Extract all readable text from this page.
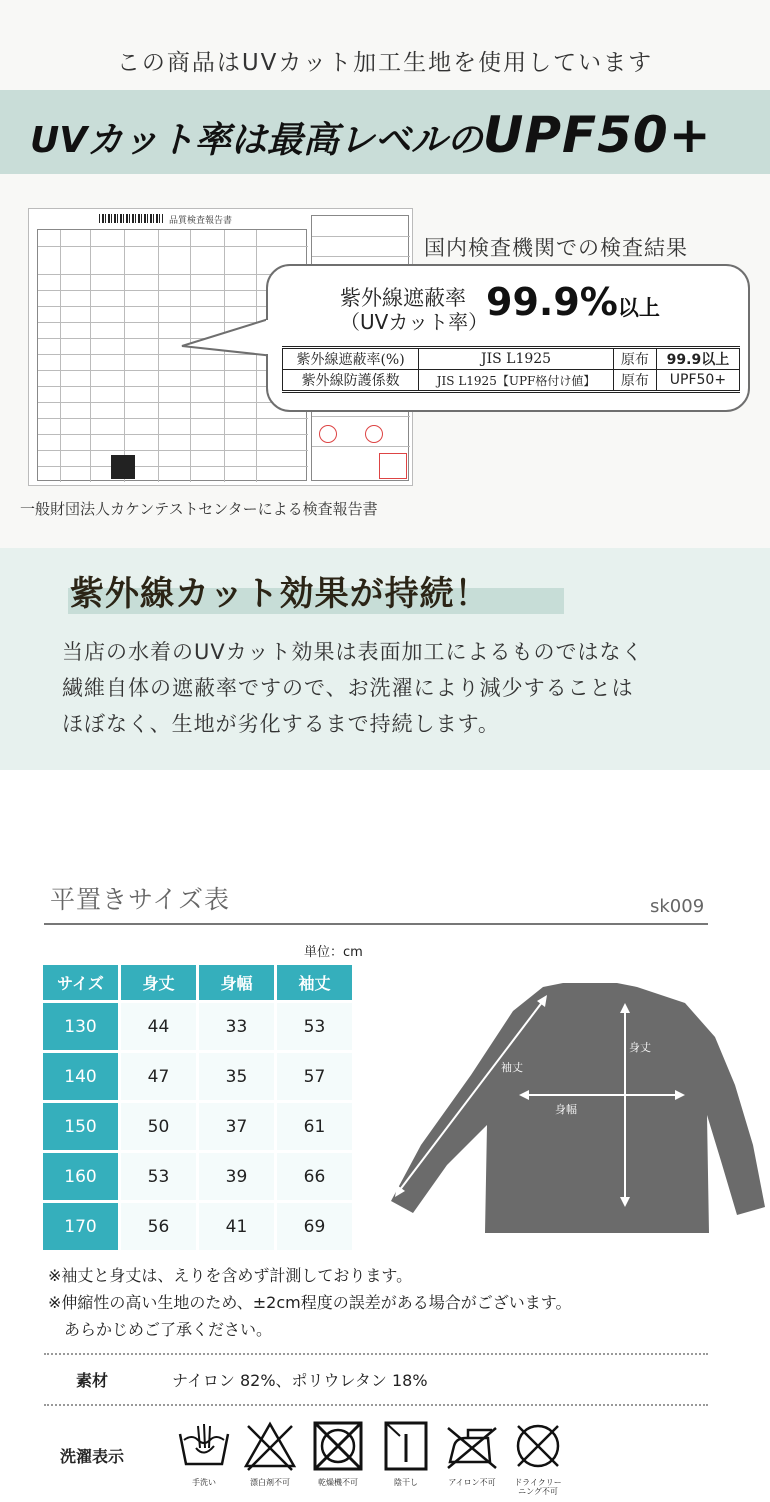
この商品はUVカット加工生地を使用しています
UVカット率は最高レベルのUPF50+
品質検査報告書
一般財団法人カケンテストセンターによる検査報告書
国内検査機関での検査結果
紫外線遮蔽率
（UVカット率）
99.9%以上
紫外線遮蔽率(%)	JIS L1925	原布	99.9以上
紫外線防護係数	JIS L1925【UPF格付け値】	原布	UPF50+
紫外線カット効果が持続！
当店の水着のUVカット効果は表面加工によるものではなく
繊維自体の遮蔽率ですので、お洗濯により減少することは
ほぼなく、生地が劣化するまで持続します。
平置きサイズ表	sk009
単位：cm
サイズ	身丈	身幅	袖丈
130	44	33	53
140	47	35	57
150	50	37	61
160	53	39	66
170	56	41	69
身丈
身幅
袖丈
※袖丈と身丈は、えりを含めず計測しております。
※伸縮性の高い生地のため、±2cm程度の誤差がある場合がございます。
　あらかじめご了承ください。
素材	ナイロン 82%、ポリウレタン 18%
洗濯表示
手洗い	漂白剤不可	乾燥機不可	陰干し	アイロン不可	ドライクリー
ニング不可
